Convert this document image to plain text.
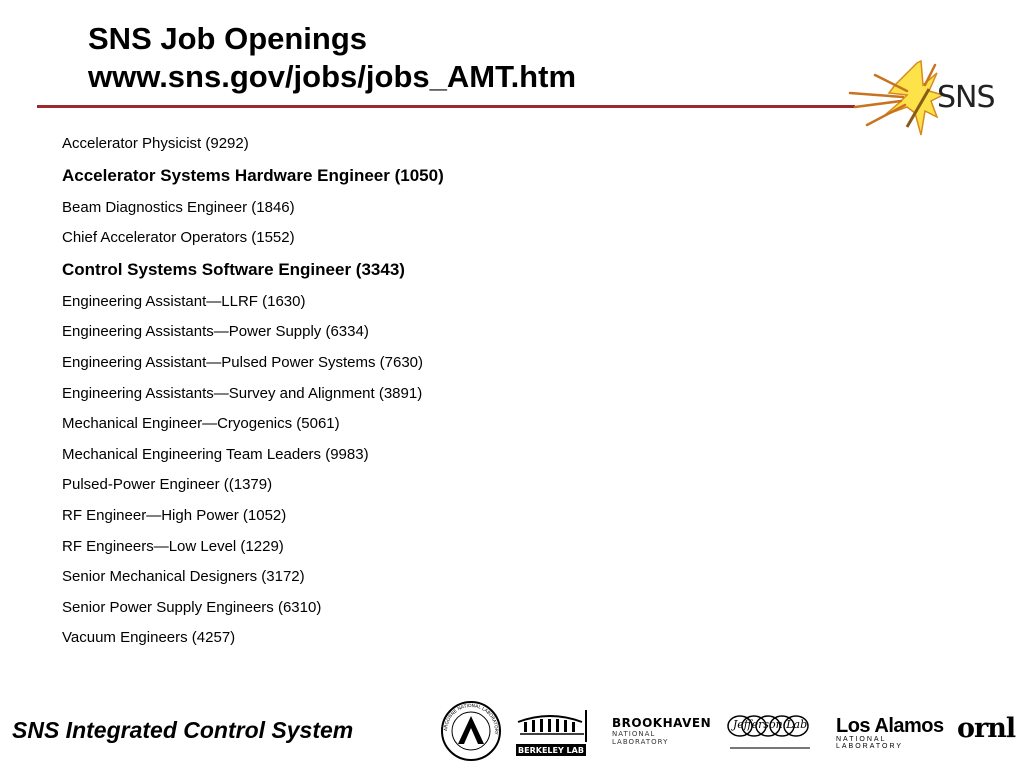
SNS Job Openings
www.sns.gov/jobs/jobs_AMT.htm
SNS
Accelerator Physicist (9292)
Accelerator Systems Hardware Engineer (1050)
Beam Diagnostics Engineer (1846)
Chief Accelerator Operators (1552)
Control Systems Software Engineer (3343)
Engineering Assistant—LLRF (1630)
Engineering Assistants—Power Supply (6334)
Engineering Assistant—Pulsed Power Systems (7630)
Engineering Assistants—Survey and Alignment (3891)
Mechanical Engineer—Cryogenics (5061)
Mechanical Engineering Team Leaders (9983)
Pulsed-Power Engineer ((1379)
RF Engineer—High Power (1052)
RF Engineers—Low Level (1229)
Senior Mechanical Designers (3172)
Senior Power Supply Engineers (6310)
Vacuum Engineers (4257)
SNS Integrated Control System	ARGONNE NATIONAL LABORATORY
BERKELEY LAB
BROOKHAVEN
NATIONAL LABORATORY
Jefferson Lab Los Alamos
NATIONAL LABORATORY
ornl
